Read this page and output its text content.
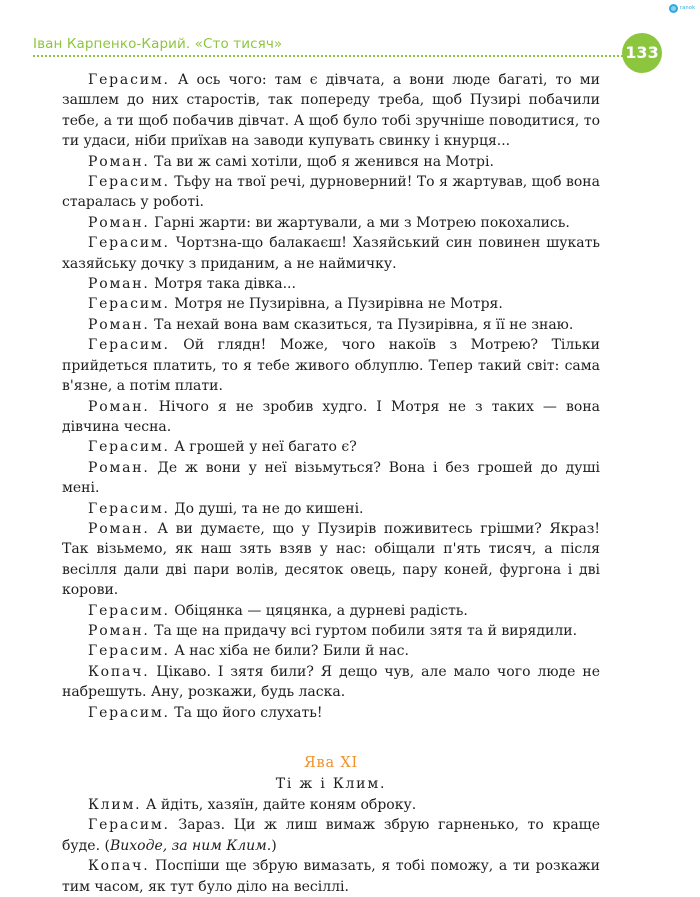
ranok
Іван Карпенко-Карий. «Сто тисяч»	133

Герасим. А ось чого: там є дівчата, а вони люде багаті, то ми зашлем до них старостів, так попереду треба, щоб Пузирі побачили тебе, а ти щоб побачив дівчат. А щоб було тобі зручніше поводитися, то ти удаси, ніби приїхав на заводи купувать свинку і кнурця...

Роман. Та ви ж самі хотіли, щоб я женився на Мотрі.

Герасим. Тьфу на твої речі, дурноверний! То я жартував, щоб вона старалась у роботі.

Роман. Гарні жарти: ви жартували, а ми з Мотрею покохались.

Герасим. Чортзна-що балакаєш! Хазяйський син повинен шукать хазяйську дочку з приданим, а не наймичку.

Роман. Мотря така дівка...

Герасим. Мотря не Пузирівна, а Пузирівна не Мотря.

Роман. Та нехай вона вам сказиться, та Пузирівна, я її не знаю.

Герасим. Ой глядн! Може, чого накоїв з Мотрею? Тільки прийдеться платить, то я тебе живого облуплю. Тепер такий світ: сама в'язне, а потім плати.

Роман. Нічого я не зробив худго. І Мотря не з таких — вона дівчина чесна.

Герасим. А грошей у неї багато є?

Роман. Де ж вони у неї візьмуться? Вона і без грошей до душі мені.

Герасим. До душі, та не до кишені.

Роман. А ви думаєте, що у Пузирів поживитесь грішми? Якраз! Так візьмемо, як наш зять взяв у нас: обіщали п'ять тисяч, а після весілля дали дві пари волів, десяток овець, пару коней, фургона і дві корови.

Герасим. Обіцянка — цяцянка, а дурневі радість.

Роман. Та ще на придачу всі гуртом побили зятя та й вирядили.

Герасим. А нас хіба не били? Били й нас.

Копач. Цікаво. І зятя били? Я дещо чув, але мало чого люде не набрешуть. Ану, розкажи, будь ласка.

Герасим. Та що його слухать!

Ява XI

Ті ж і Клим.

Клим. А йдіть, хазяїн, дайте коням оброку.

Герасим. Зараз. Ци ж лиш вимаж збрую гарненько, то краще буде. (Виходе, за ним Клим.)

Копач. Поспіши ще збрую вимазать, я тобі поможу, а ти розкажи тим часом, як тут було діло на весіллі.
